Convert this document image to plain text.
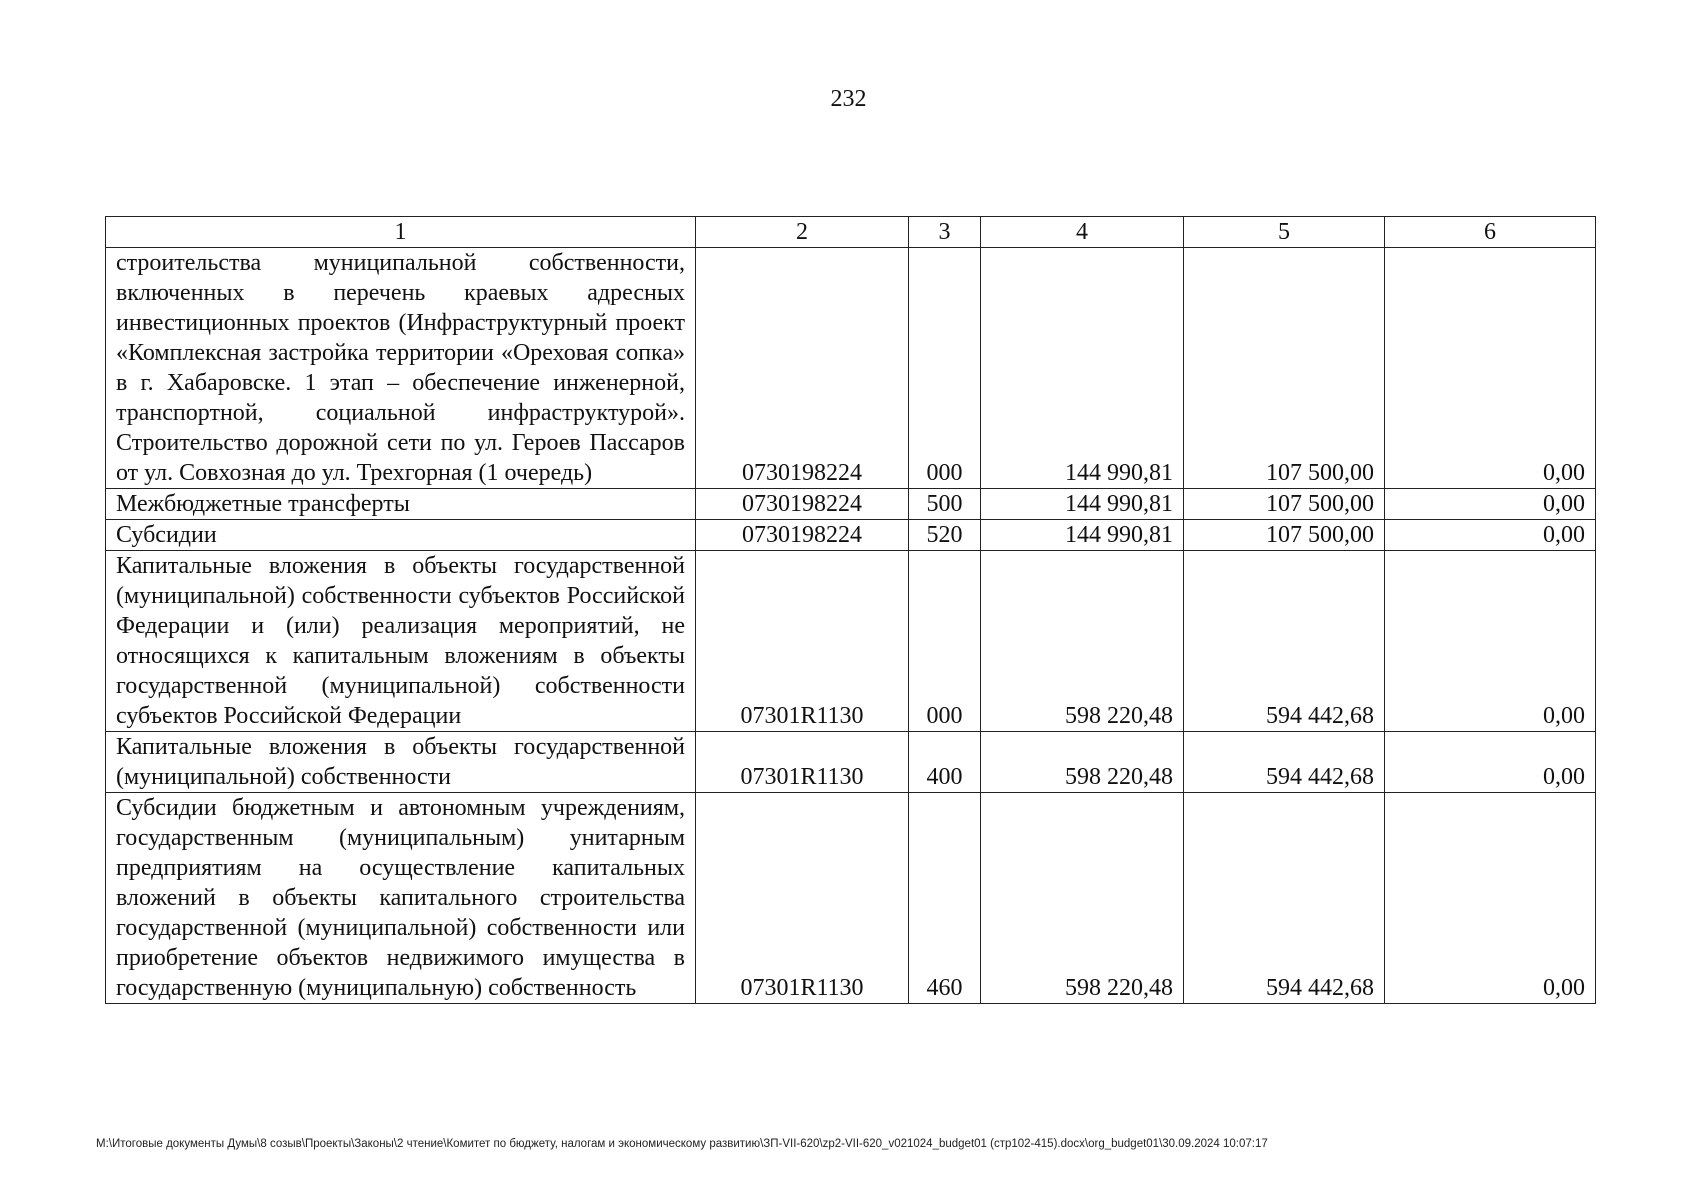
232
1	2	3	4	5	6
строительства муниципальной собственности, включенных в перечень краевых адресных инвестиционных проектов (Инфраструктурный проект «Комплексная застройка территории «Ореховая сопка» в г. Хабаровске. 1 этап – обеспечение инженерной, транспортной, социальной инфраструктурой». Строительство дорожной сети по ул. Героев Пассаров от ул. Совхозная до ул. Трехгорная (1 очередь)	0730198224	000	144 990,81	107 500,00	0,00
Межбюджетные трансферты	0730198224	500	144 990,81	107 500,00	0,00
Субсидии	0730198224	520	144 990,81	107 500,00	0,00
Капитальные вложения в объекты государственной (муниципальной) собственности субъектов Российской Федерации и (или) реализация мероприятий, не относящихся к капитальным вложениям в объекты государственной (муниципальной) собственности субъектов Российской Федерации	07301R1130	000	598 220,48	594 442,68	0,00
Капитальные вложения в объекты государственной (муниципальной) собственности	07301R1130	400	598 220,48	594 442,68	0,00
Субсидии бюджетным и автономным учреждениям, государственным (муниципальным) унитарным предприятиям на осуществление капитальных вложений в объекты капитального строительства государственной (муниципальной) собственности или приобретение объектов недвижимого имущества в государственную (муниципальную) собственность	07301R1130	460	598 220,48	594 442,68	0,00
M:\Итоговые документы Думы\8 созыв\Проекты\Законы\2 чтение\Комитет по бюджету, налогам и экономическому развитию\ЗП-VII-620\zp2-VII-620_v021024_budget01 (стр102-415).docx\org_budget01\30.09.2024 10:07:17
